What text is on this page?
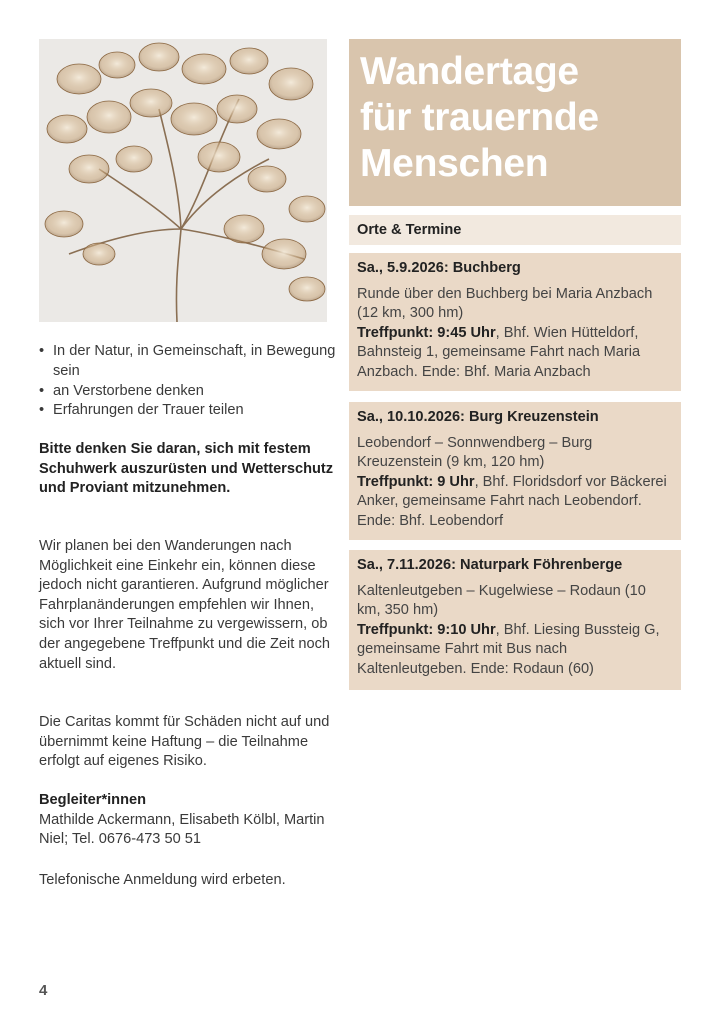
• In der Natur, in Gemeinschaft, in Bewegung sein
• an Verstorbene denken
• Erfahrungen der Trauer teilen
Bitte denken Sie daran, sich mit festem Schuhwerk auszurüsten und Wetterschutz und Proviant mitzunehmen.
Wir planen bei den Wanderungen nach Möglichkeit eine Einkehr ein, können diese jedoch nicht garantieren. Aufgrund möglicher Fahrplanänderungen empfehlen wir Ihnen, sich vor Ihrer Teilnahme zu vergewissern, ob der angegebene Treffpunkt und die Zeit noch aktuell sind.
Die Caritas kommt für Schäden nicht auf und übernimmt keine Haftung – die Teilnahme erfolgt auf eigenes Risiko.
Begleiter*innen
Mathilde Ackermann, Elisabeth Kölbl, Martin Niel; Tel. 0676-473 50 51
Telefonische Anmeldung wird erbeten.
4
Wandertage
für trauernde
Menschen
Orte & Termine
Sa., 5.9.2026: Buchberg
Runde über den Buchberg bei Maria Anzbach (12 km, 300 hm)
Treffpunkt: 9:45 Uhr, Bhf. Wien Hütteldorf, Bahnsteig 1, gemeinsame Fahrt nach Maria Anzbach. Ende: Bhf. Maria Anzbach
Sa., 10.10.2026: Burg Kreuzenstein
Leobendorf – Sonnwendberg – Burg Kreuzenstein (9 km, 120 hm)
Treffpunkt: 9 Uhr, Bhf. Floridsdorf vor Bäckerei Anker, gemeinsame Fahrt nach Leobendorf. Ende: Bhf. Leobendorf
Sa., 7.11.2026: Naturpark Föhrenberge
Kaltenleutgeben – Kugelwiese – Rodaun (10 km, 350 hm)
Treffpunkt: 9:10 Uhr, Bhf. Liesing Bussteig G, gemeinsame Fahrt mit Bus nach Kaltenleutgeben. Ende: Rodaun (60)
